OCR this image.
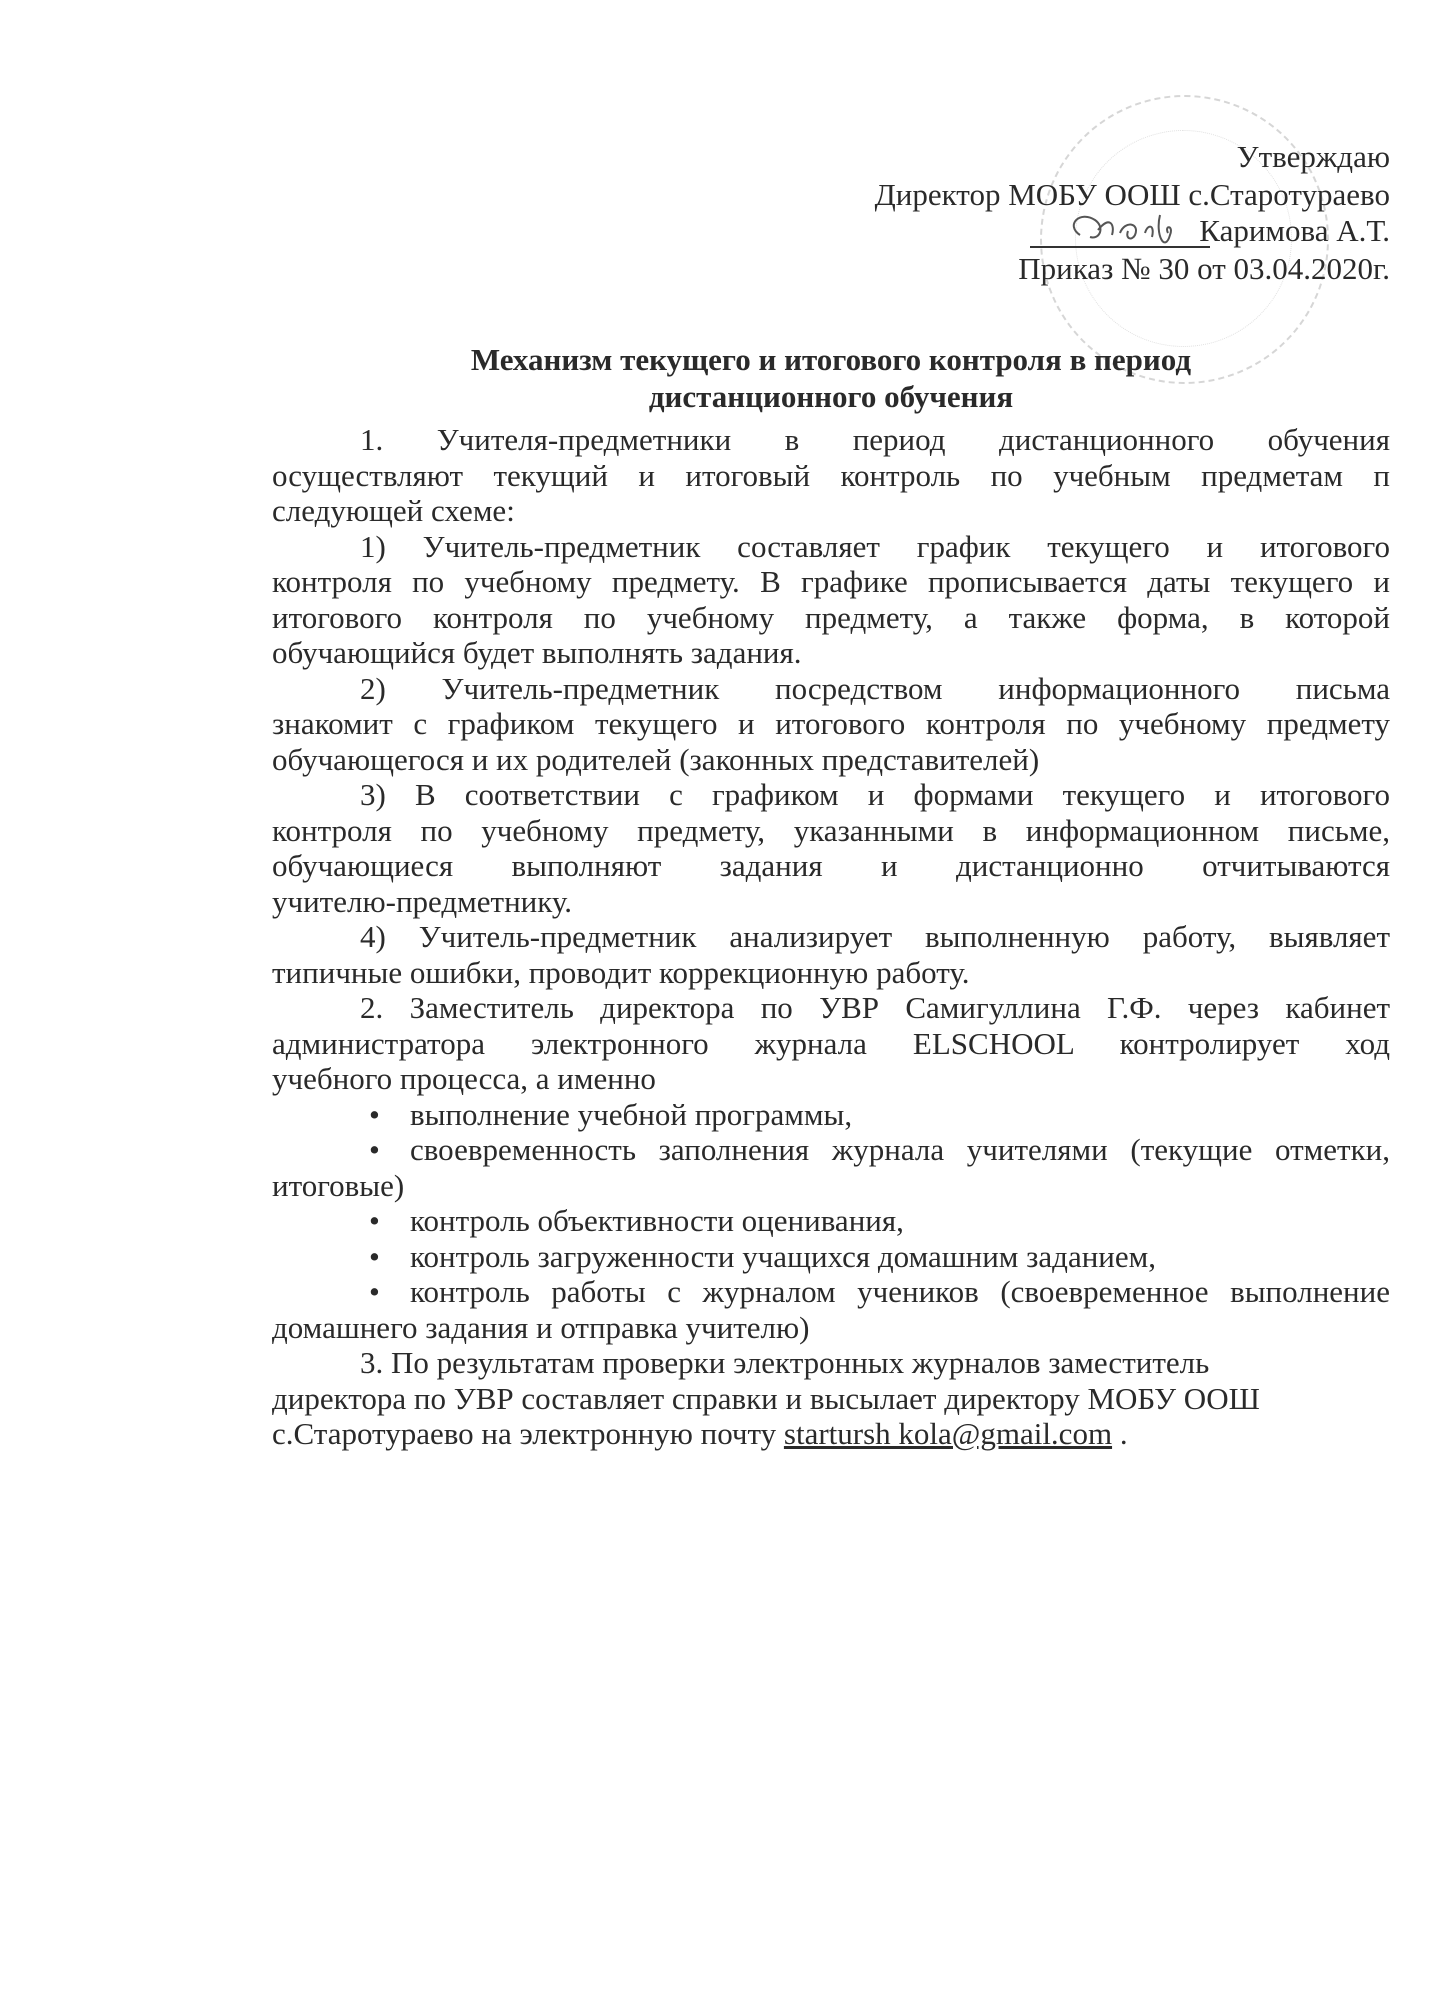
Утверждаю
Директор МОБУ ООШ с.Старотураево
Каримова А.Т.
Приказ № 30 от 03.04.2020г.
Механизм текущего и итогового контроля в период
дистанционного обучения
1. Учителя-предметники в период дистанционного обучения
осуществляют текущий и итоговый контроль по учебным предметам п
следующей схеме:
1) Учитель-предметник составляет график текущего и итогового
контроля по учебному предмету. В графике прописывается даты текущего и
итогового контроля по учебному предмету, а также форма, в которой
обучающийся будет выполнять задания.
2) Учитель-предметник посредством информационного письма
знакомит с графиком текущего и итогового контроля по учебному предмету
обучающегося и их родителей (законных представителей)
3) В соответствии с графиком и формами текущего и итогового
контроля по учебному предмету, указанными в информационном письме,
обучающиеся выполняют задания и дистанционно отчитываются
учителю-предметнику.
4) Учитель-предметник анализирует выполненную работу, выявляет
типичные ошибки, проводит коррекционную работу.
2. Заместитель директора по УВР Самигуллина Г.Ф. через кабинет
администратора электронного журнала ELSCHOOL контролирует ход
учебного процесса, а именно
• выполнение учебной программы,
• своевременность заполнения журнала учителями (текущие отметки,
итоговые)
• контроль объективности оценивания,
• контроль загруженности учащихся домашним заданием,
• контроль работы с журналом учеников (своевременное выполнение
домашнего задания и отправка учителю)
3. По результатам проверки электронных журналов заместитель
директора по УВР составляет справки и высылает директору МОБУ ООШ
с.Старотураево на электронную почту startursh kola@gmail.com .
